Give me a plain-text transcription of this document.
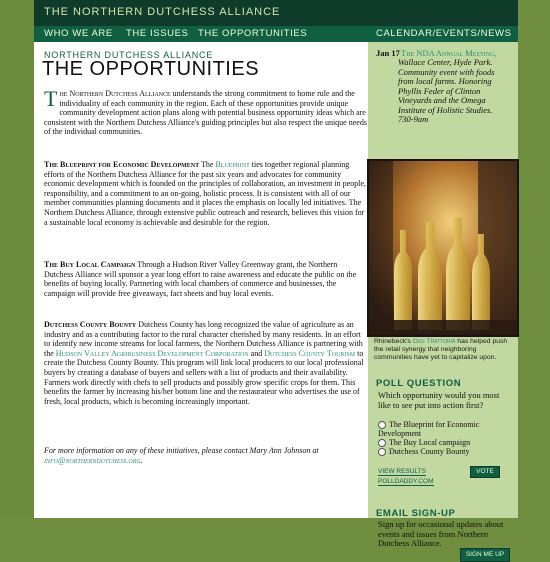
THE NORTHERN DUTCHESS ALLIANCE
WHO WE ARE THE ISSUES THE OPPORTUNITIES	CALENDAR/EVENTS/NEWS
NORTHERN DUTCHESS ALLIANCE
THE OPPORTUNITIES
T he Northern Dutchess Alliance understands the strong commitment to home rule and the individuality of each community in the region. Each of these opportunities provide unique community development action plans along with potential business opportunity ideas which are consistent with the Northern Dutchess Alliance's guiding principles but also respect the unique needs of the individual communities.
The Blueprint for Economic Development The Blueprint ties together regional planning efforts of the Northern Dutchess Alliance for the past six years and advocates for community economic development which is founded on the principles of collaboration, an investment in people, responsibility, and a commitment to an on-going, holistic process. It is consistent with all of our member communities planning documents and it places the emphasis on locally led initiatives. The Northern Dutchess Alliance, through extensive public outreach and research, believes this vision for a sustainable local economy is achievable and desirable for the region.
The Buy Local Campaign Through a Hudson River Valley Greenway grant, the Northern Dutchess Alliance will sponsor a year long effort to raise awareness and educate the public on the benefits of buying locally. Partnering with local chambers of commerce and businesses, the campaign will provide free giveaways, fact sheets and buy local events.
Dutchess County Bounty Dutchess County has long recognized the value of agriculture as an industry and as a contributing factor to the rural character cherished by many residents. In an effort to identify new income streams for local farmers, the Northern Dutchess Alliance is partnering with the Hudson Valley Agribusiness Development Corporation and Dutchess County Tourism to create the Dutchess County Bounty. This program will link local producers to our local professional buyers by creating a database of buyers and sellers with a list of products and their availability. Farmers work directly with chefs to sell products and possibly grow specific crops for them. This benefits the farmer by increasing his/her bottom line and the restaurateur who advertises the use of fresh, local products, which is becoming increasingly important.
For more information on any of these initiatives, please contact Mary Ann Johnson at info@northerndutchess.org.
Jan 17 The NDA Annual Meeting,
Wallace Center, Hyde Park. Community event with foods from local farms. Honoring Phyllis Feder of Clinton Vineyards and the Omega Institute of Holistic Studies. 730-9am
Rhinebeck's Gigi Trattoria has helped push the retail synergy that neighboring communities have yet to capitalize upon.
POLL QUESTION
Which opportunity would you most like to see put into action first?
The Blueprint for Economic Development
The Buy Local campaign
Dutchess County Bounty
VIEW RESULTS
POLLDADDY.COM
VOTE
EMAIL SIGN-UP
Sign up for occasional updates about events and issues from Northern Dutchess Alliance.
SIGN ME UP
